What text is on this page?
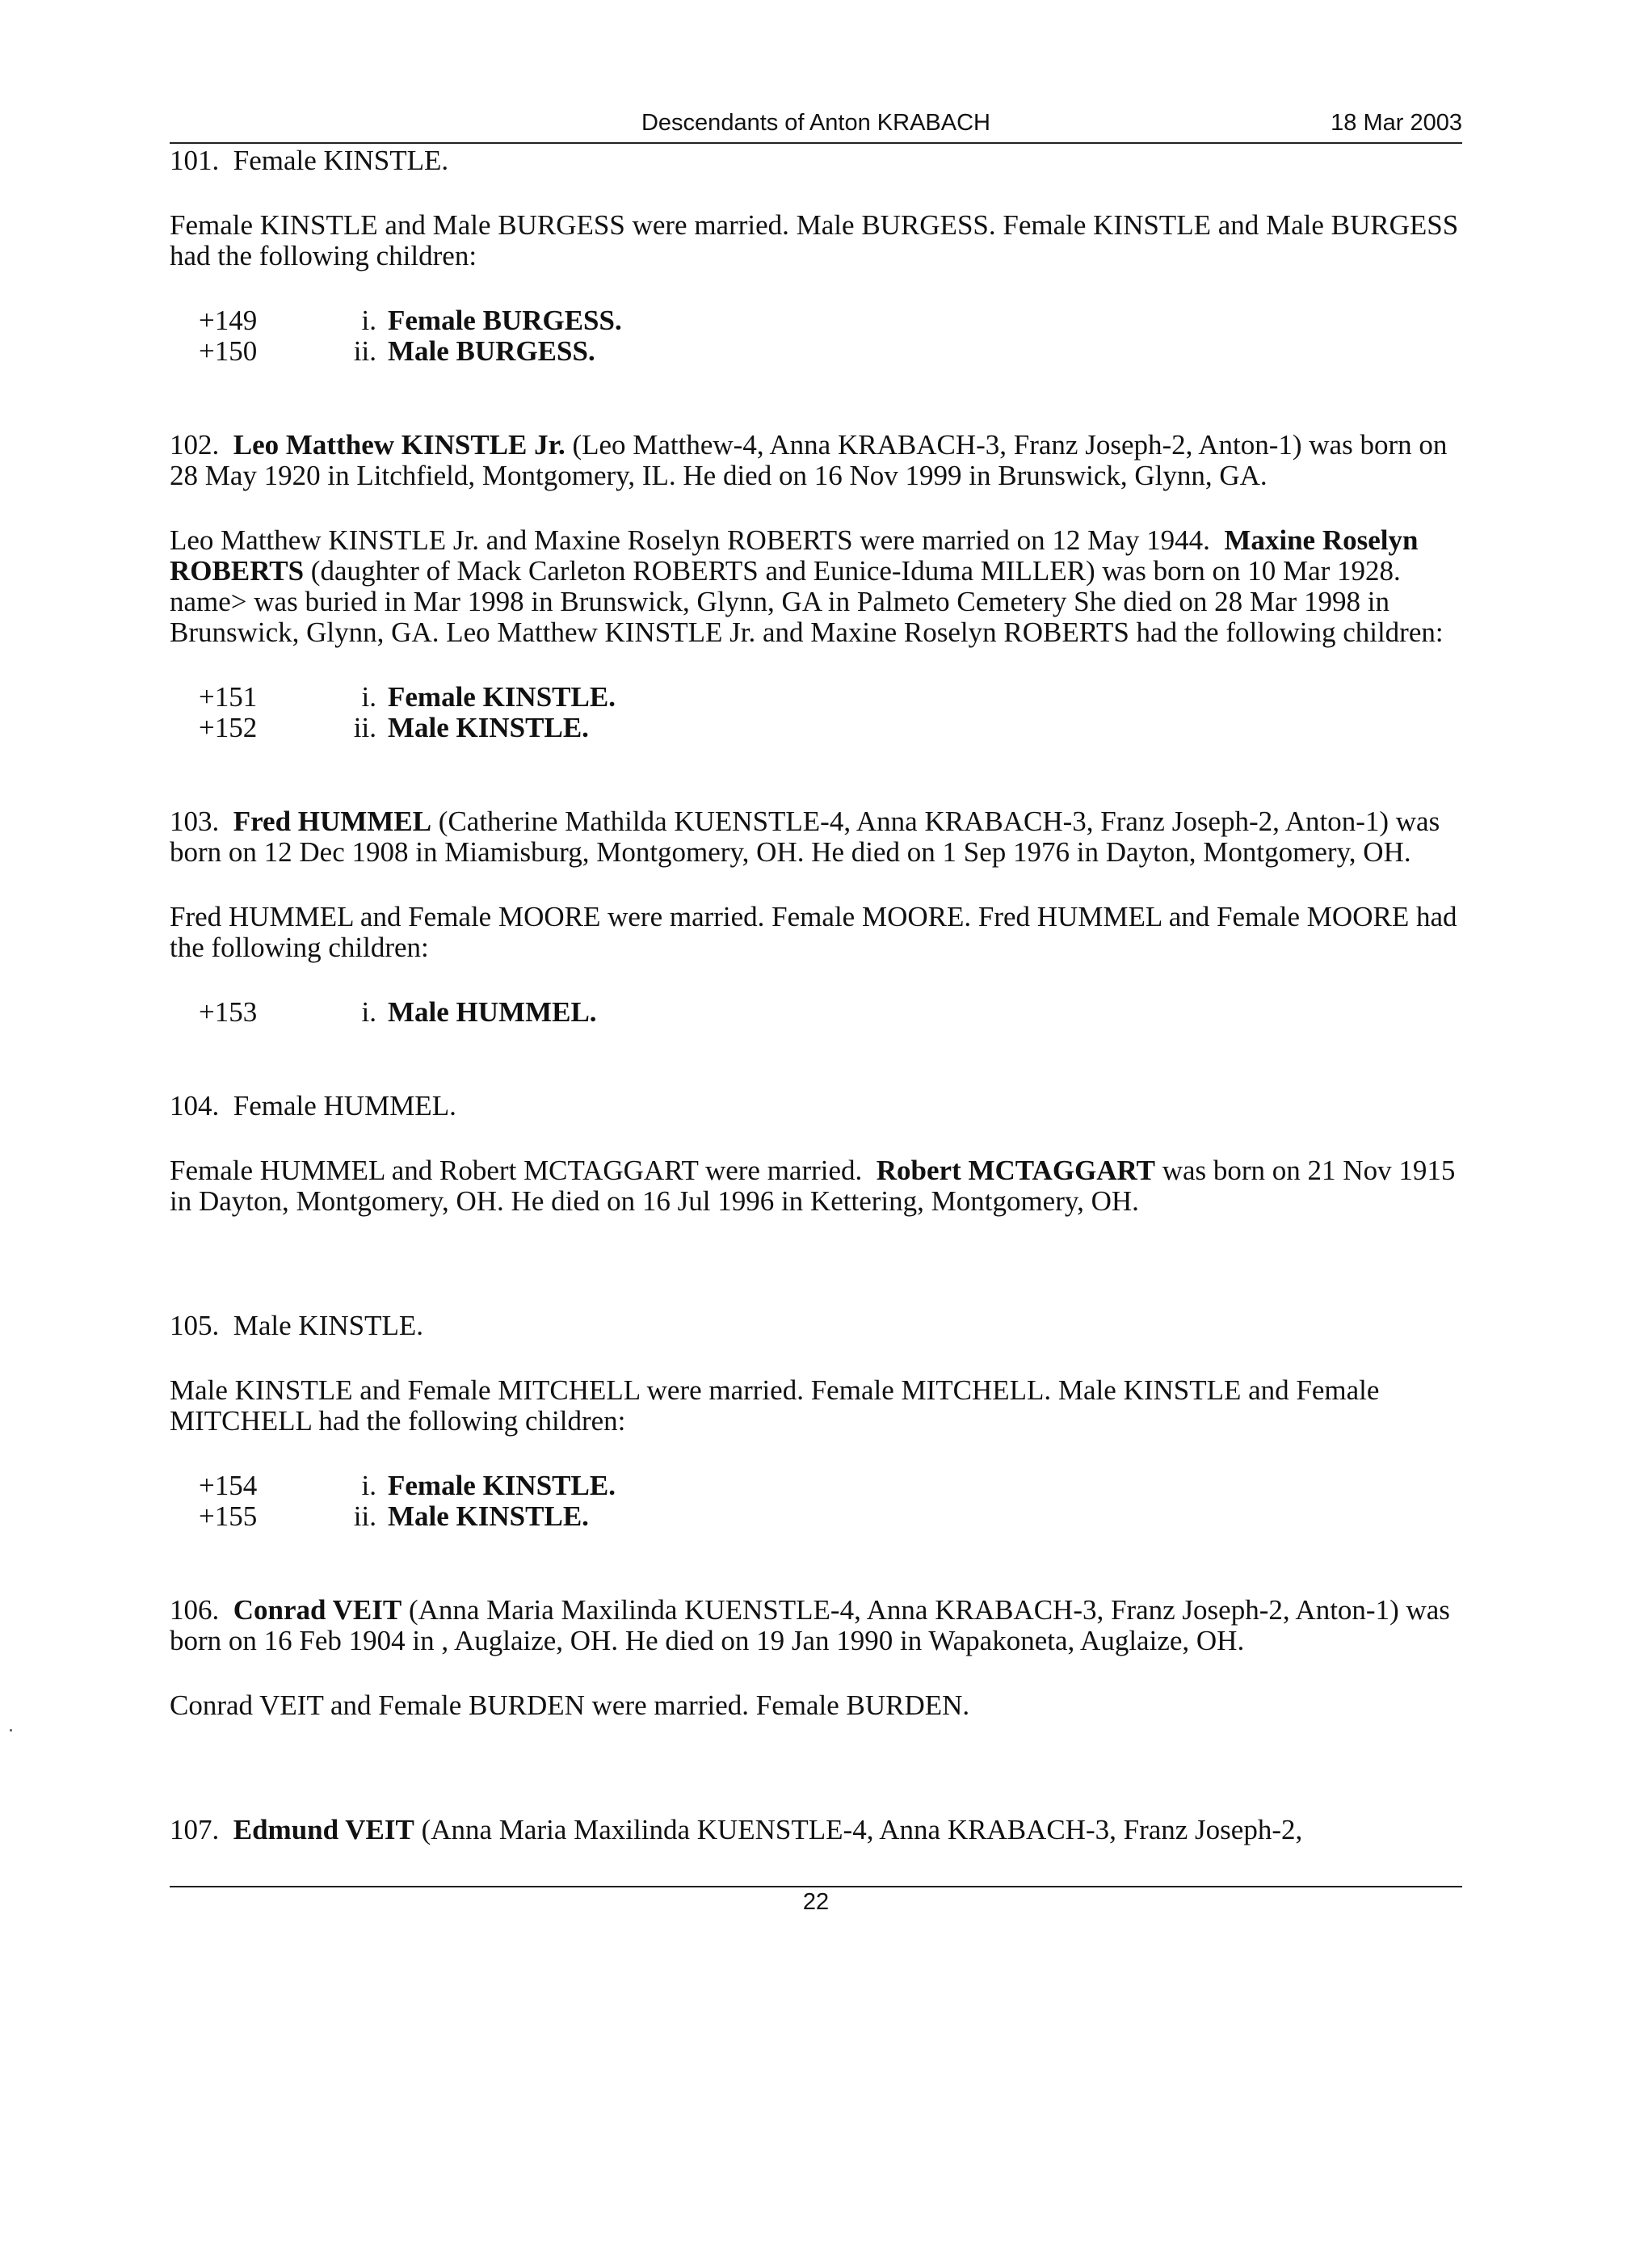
Descendants of Anton KRABACH	18 Mar 2003

101. Female KINSTLE.

Female KINSTLE and Male BURGESS were married. Male BURGESS. Female KINSTLE and Male BURGESS had the following children:

+149	i. Female BURGESS.
+150	ii. Male BURGESS.

102. Leo Matthew KINSTLE Jr. (Leo Matthew-4, Anna KRABACH-3, Franz Joseph-2, Anton-1) was born on 28 May 1920 in Litchfield, Montgomery, IL. He died on 16 Nov 1999 in Brunswick, Glynn, GA.

Leo Matthew KINSTLE Jr. and Maxine Roselyn ROBERTS were married on 12 May 1944. Maxine Roselyn ROBERTS (daughter of Mack Carleton ROBERTS and Eunice-Iduma MILLER) was born on 10 Mar 1928. name> was buried in Mar 1998 in Brunswick, Glynn, GA in Palmeto Cemetery She died on 28 Mar 1998 in Brunswick, Glynn, GA. Leo Matthew KINSTLE Jr. and Maxine Roselyn ROBERTS had the following children:

+151	i. Female KINSTLE.
+152	ii. Male KINSTLE.

103. Fred HUMMEL (Catherine Mathilda KUENSTLE-4, Anna KRABACH-3, Franz Joseph-2, Anton-1) was born on 12 Dec 1908 in Miamisburg, Montgomery, OH. He died on 1 Sep 1976 in Dayton, Montgomery, OH.

Fred HUMMEL and Female MOORE were married. Female MOORE. Fred HUMMEL and Female MOORE had the following children:

+153	i. Male HUMMEL.

104. Female HUMMEL.

Female HUMMEL and Robert MCTAGGART were married. Robert MCTAGGART was born on 21 Nov 1915 in Dayton, Montgomery, OH. He died on 16 Jul 1996 in Kettering, Montgomery, OH.

105. Male KINSTLE.

Male KINSTLE and Female MITCHELL were married. Female MITCHELL. Male KINSTLE and Female MITCHELL had the following children:

+154	i. Female KINSTLE.
+155	ii. Male KINSTLE.

106. Conrad VEIT (Anna Maria Maxilinda KUENSTLE-4, Anna KRABACH-3, Franz Joseph-2, Anton-1) was born on 16 Feb 1904 in , Auglaize, OH. He died on 19 Jan 1990 in Wapakoneta, Auglaize, OH.

Conrad VEIT and Female BURDEN were married. Female BURDEN.

107. Edmund VEIT (Anna Maria Maxilinda KUENSTLE-4, Anna KRABACH-3, Franz Joseph-2,

22
